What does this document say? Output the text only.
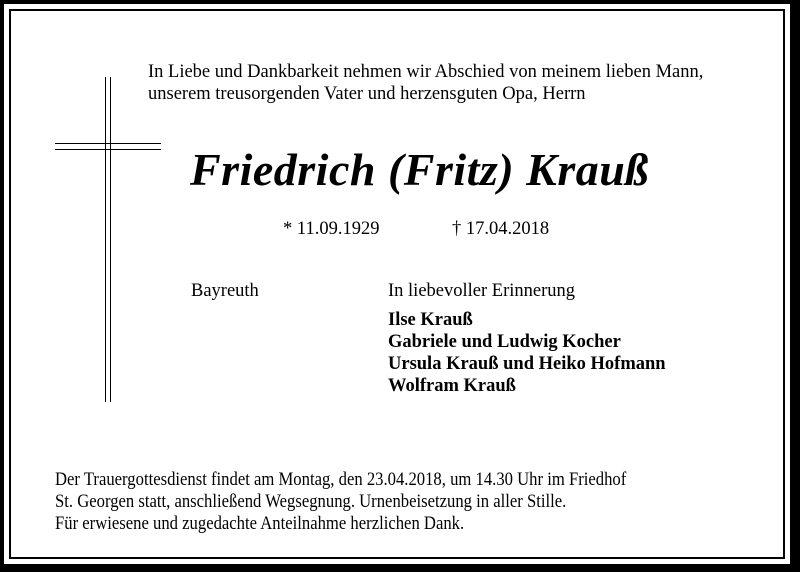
In Liebe und Dankbarkeit nehmen wir Abschied von meinem lieben Mann,
unserem treusorgenden Vater und herzensguten Opa, Herrn
Friedrich (Fritz) Krauß
* 11.09.1929	† 17.04.2018
Bayreuth	In liebevoller Erinnerung
Ilse Krauß
Gabriele und Ludwig Kocher
Ursula Krauß und Heiko Hofmann
Wolfram Krauß
Der Trauergottesdienst findet am Montag, den 23.04.2018, um 14.30 Uhr im Friedhof
St. Georgen statt, anschließend Wegsegnung. Urnenbeisetzung in aller Stille.
Für erwiesene und zugedachte Anteilnahme herzlichen Dank.
